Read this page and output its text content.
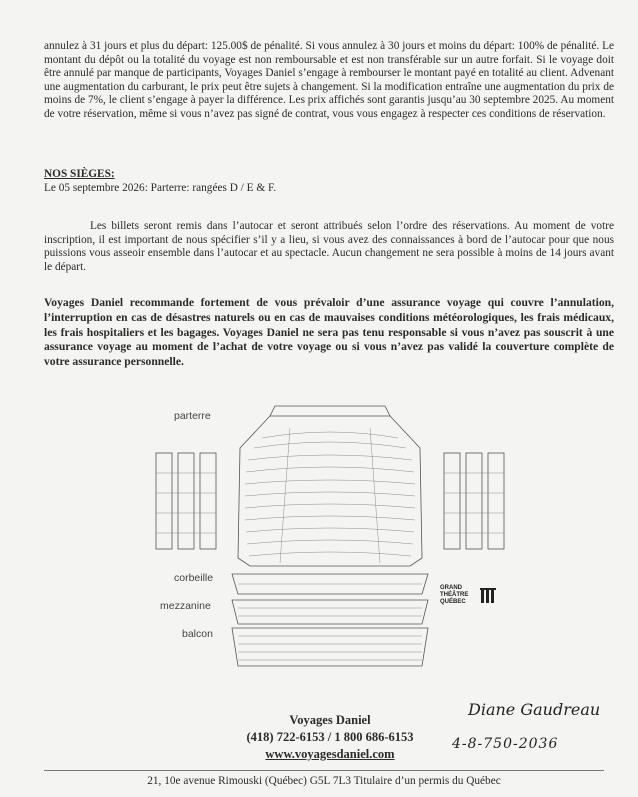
annulez à 31 jours et plus du départ: 125.00$ de pénalité. Si vous annulez à 30 jours et moins du départ: 100% de pénalité. Le montant du dépôt ou la totalité du voyage est non remboursable et est non transférable sur un autre forfait. Si le voyage doit être annulé par manque de participants, Voyages Daniel s’engage à rembourser le montant payé en totalité au client. Advenant une augmentation du carburant, le prix peut être sujets à changement. Si la modification entraîne une augmentation du prix de moins de 7%, le client s’engage à payer la différence. Les prix affichés sont garantis jusqu’au 30 septembre 2025. Au moment de votre réservation, même si vous n’avez pas signé de contrat, vous vous engagez à respecter ces conditions de réservation.
NOS SIÈGES:
Le 05 septembre 2026: Parterre: rangées D / E & F.
Les billets seront remis dans l’autocar et seront attribués selon l’ordre des réservations. Au moment de votre inscription, il est important de nous spécifier s’il y a lieu, si vous avez des connaissances à bord de l’autocar pour que nous puissions vous asseoir ensemble dans l’autocar et au spectacle. Aucun changement ne sera possible à moins de 14 jours avant le départ.
Voyages Daniel recommande fortement de vous prévaloir d’une assurance voyage qui couvre l’annulation, l’interruption en cas de désastres naturels ou en cas de mauvaises conditions météorologiques, les frais médicaux, les frais hospitaliers et les bagages. Voyages Daniel ne sera pas tenu responsable si vous n’avez pas souscrit à une assurance voyage au moment de l’achat de votre voyage ou si vous n’avez pas validé la couverture complète de votre assurance personnelle.
parterre
corbeille
mezzanine
balcon
GRAND
THÉÂTRE
QUÉBEC
Voyages Daniel
(418) 722-6153 / 1 800 686-6153
www.voyagesdaniel.com
Diane Gaudreau
4-8-750-2036
21, 10e avenue Rimouski (Québec) G5L 7L3 Titulaire d’un permis du Québec
